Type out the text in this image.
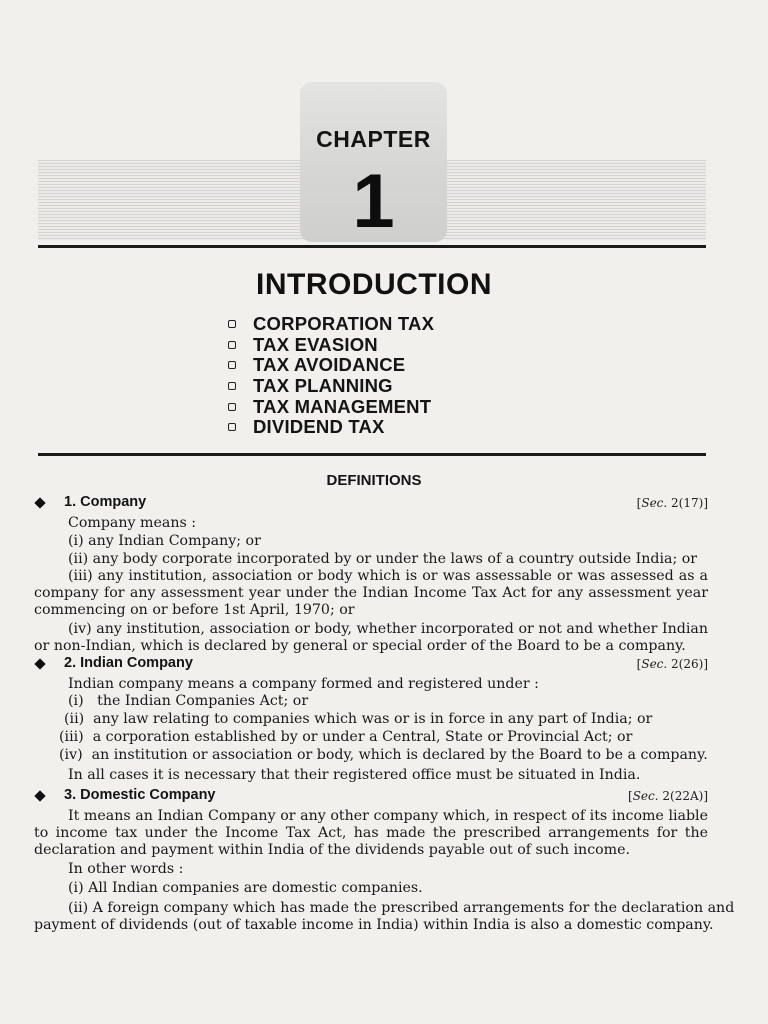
CHAPTER
1
INTRODUCTION
CORPORATION TAX
TAX EVASION
TAX AVOIDANCE
TAX PLANNING
TAX MANAGEMENT
DIVIDEND TAX
DEFINITIONS
1. Company	[Sec. 2(17)]
Company means :
(i) any Indian Company; or
(ii) any body corporate incorporated by or under the laws of a country outside India; or
(iii) any institution, association or body which is or was assessable or was assessed as a
company for any assessment year under the Indian Income Tax Act for any assessment year
commencing on or before 1st April, 1970; or
(iv) any institution, association or body, whether incorporated or not and whether Indian
or non-Indian, which is declared by general or special order of the Board to be a company.
2. Indian Company	[Sec. 2(26)]
Indian company means a company formed and registered under :
(i)   the Indian Companies Act; or
(ii)  any law relating to companies which was or is in force in any part of India; or
(iii)  a corporation established by or under a Central, State or Provincial Act; or
(iv)  an institution or association or body, which is declared by the Board to be a company.
In all cases it is necessary that their registered office must be situated in India.
3. Domestic Company	[Sec. 2(22A)]
It means an Indian Company or any other company which, in respect of its income liable
to income tax under the Income Tax Act, has made the prescribed arrangements for the
declaration and payment within India of the dividends payable out of such income.
In other words :
(i) All Indian companies are domestic companies.
(ii) A foreign company which has made the prescribed arrangements for the declaration and
payment of dividends (out of taxable income in India) within India is also a domestic company.
